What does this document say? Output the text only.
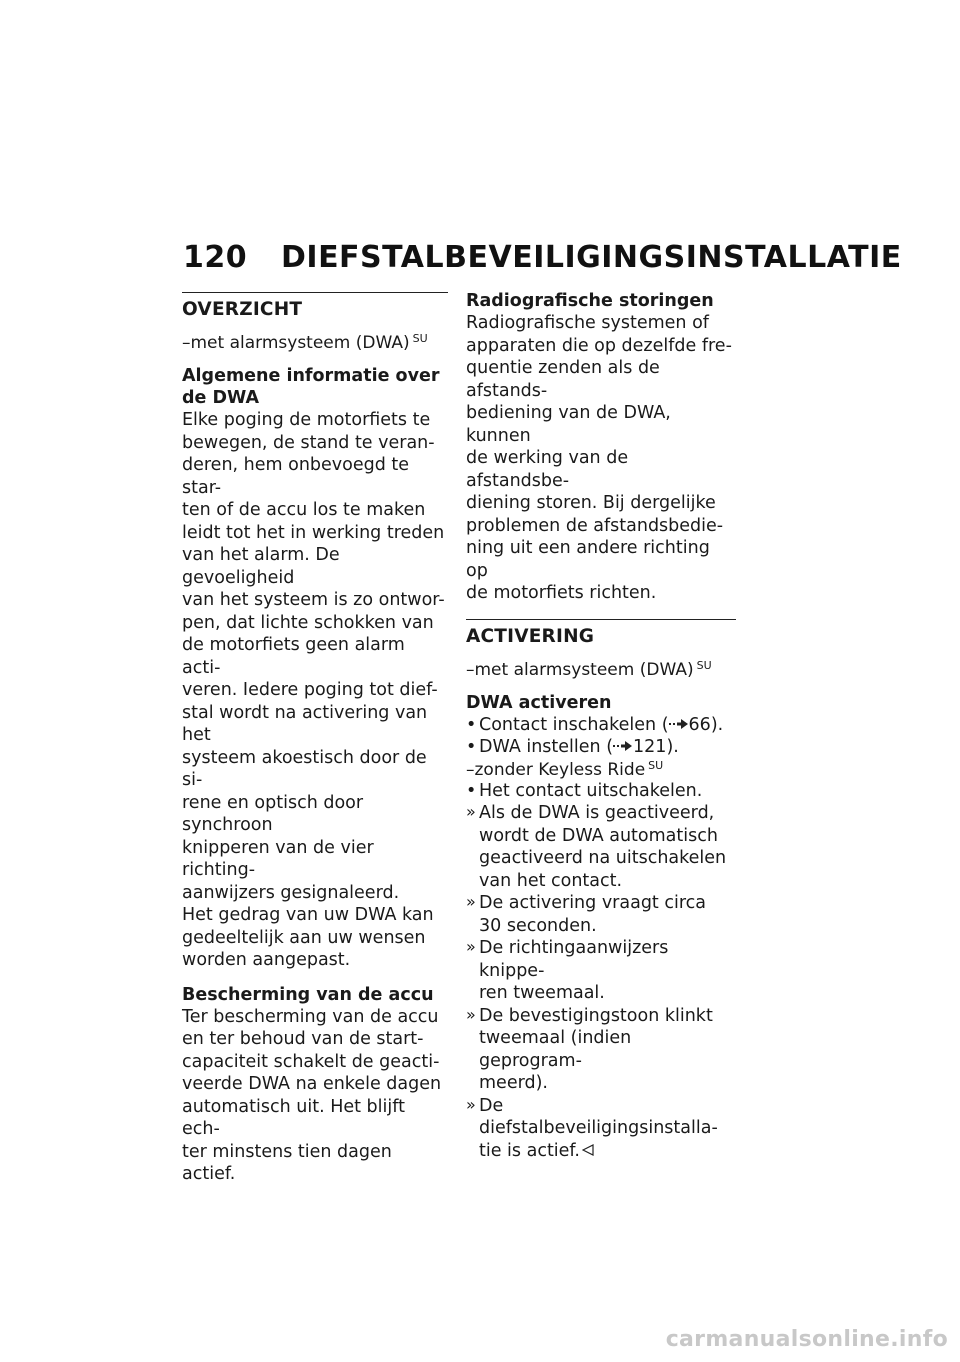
120 DIEFSTALBEVEILIGINGSINSTALLATIE
OVERZICHT
–met alarmsysteem (DWA) $^{SU}$
Algemene informatie over de DWA
Elke poging de motorfiets te
bewegen, de stand te veran-
deren, hem onbevoegd te star-
ten of de accu los te maken
leidt tot het in werking treden
van het alarm. De gevoeligheid
van het systeem is zo ontwor-
pen, dat lichte schokken van
de motorfiets geen alarm acti-
veren. Iedere poging tot dief-
stal wordt na activering van het
systeem akoestisch door de si-
rene en optisch door synchroon
knipperen van de vier richting-
aanwijzers gesignaleerd.
Het gedrag van uw DWA kan
gedeeltelijk aan uw wensen
worden aangepast.
Bescherming van de accu
Ter bescherming van de accu
en ter behoud van de start-
capaciteit schakelt de geacti-
veerde DWA na enkele dagen
automatisch uit. Het blijft ech-
ter minstens tien dagen actief.
Radiografische storingen
Radiografische systemen of
apparaten die op dezelfde fre-
quentie zenden als de afstands-
bediening van de DWA, kunnen
de werking van de afstandsbe-
diening storen. Bij dergelijke
problemen de afstandsbedie-
ning uit een andere richting op
de motorfiets richten.
ACTIVERING
–met alarmsysteem (DWA) $^{SU}$
DWA activeren
• Contact inschakelen ( 66).
• DWA instellen ( 121).
–zonder Keyless Ride $^{SU}$
• Het contact uitschakelen.
» Als de DWA is geactiveerd,
wordt de DWA automatisch
geactiveerd na uitschakelen
van het contact.
» De activering vraagt circa
30 seconden.
» De richtingaanwijzers knippe-
ren tweemaal.
» De bevestigingstoon klinkt
tweemaal (indien geprogram-
meerd).
» De diefstalbeveiligingsinstalla-
tie is actief.
carmanualsonline.info
